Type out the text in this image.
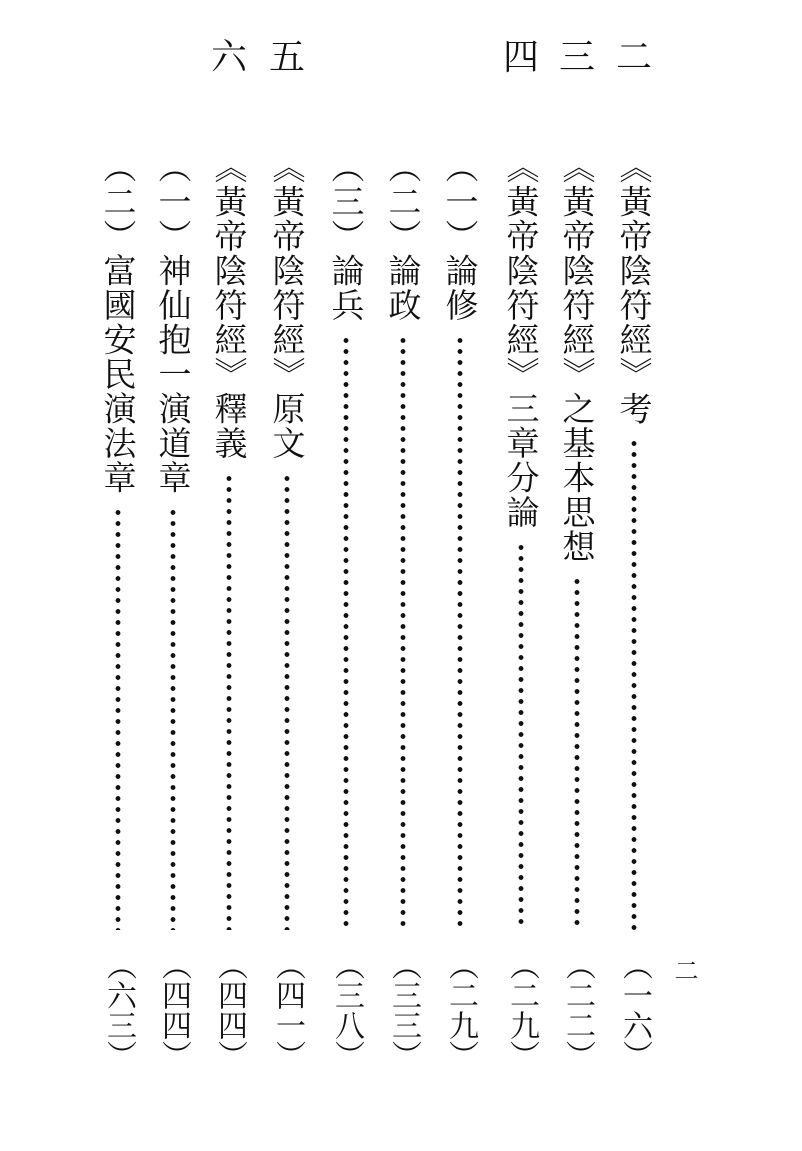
二
二
三
四
五
六
《黃帝陰符經》考
（一六）
《黃帝陰符經》之基本思想
（二二）
《黃帝陰符經》三章分論
（二九）
（一）論修
（二九）
（二）論政
（三三）
（三）論兵
（三八）
《黃帝陰符經》原文
（四一）
《黃帝陰符經》釋義
（四四）
（一）神仙抱一演道章
（四四）
（二）富國安民演法章
（六三）
